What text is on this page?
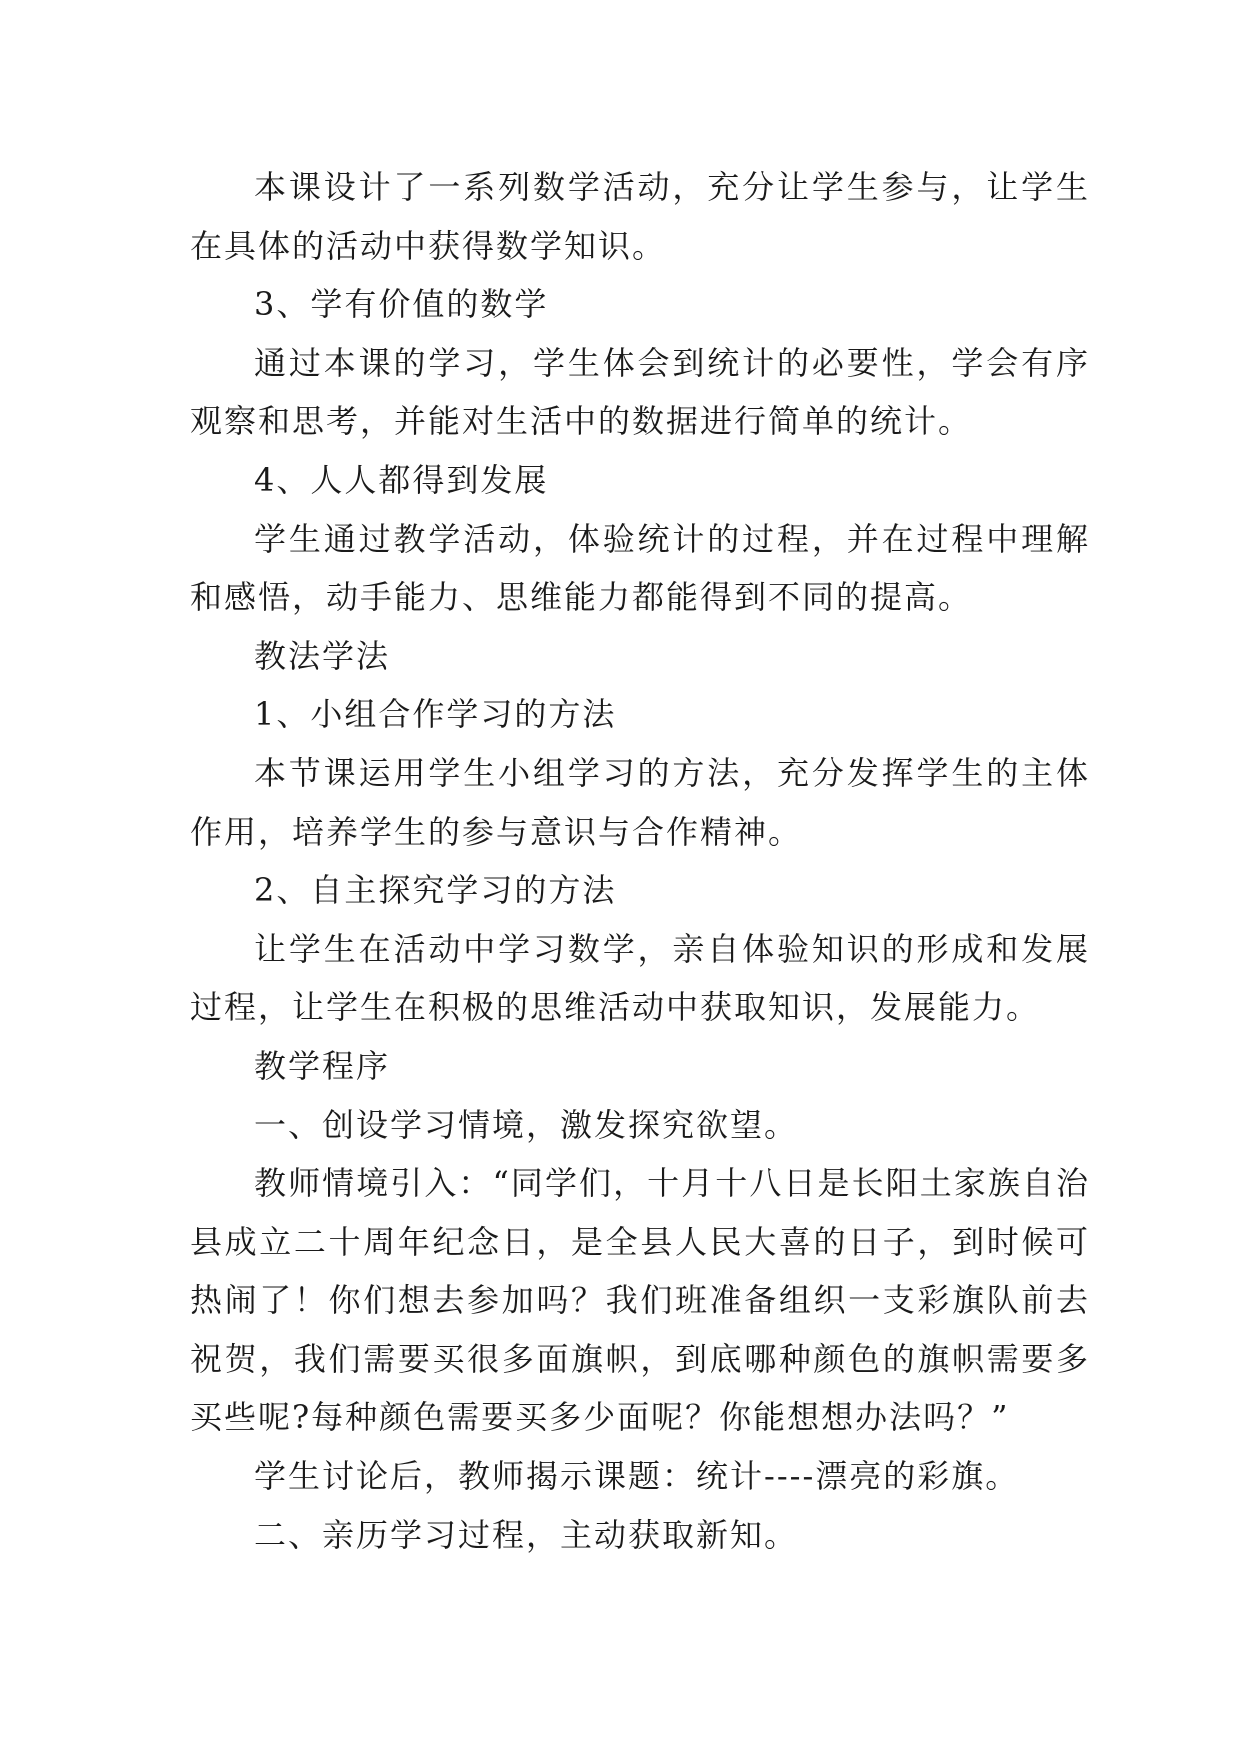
本课设计了一系列数学活动，充分让学生参与，让学生在具体的活动中获得数学知识。

3、学有价值的数学

通过本课的学习，学生体会到统计的必要性，学会有序观察和思考，并能对生活中的数据进行简单的统计。

4、人人都得到发展

学生通过教学活动，体验统计的过程，并在过程中理解和感悟，动手能力、思维能力都能得到不同的提高。

教法学法

1、小组合作学习的方法

本节课运用学生小组学习的方法，充分发挥学生的主体作用，培养学生的参与意识与合作精神。

2、自主探究学习的方法

让学生在活动中学习数学，亲自体验知识的形成和发展过程，让学生在积极的思维活动中获取知识，发展能力。

教学程序

一、创设学习情境，激发探究欲望。

教师情境引入：“同学们，十月十八日是长阳土家族自治县成立二十周年纪念日，是全县人民大喜的日子，到时候可热闹了！你们想去参加吗？我们班准备组织一支彩旗队前去祝贺，我们需要买很多面旗帜，到底哪种颜色的旗帜需要多买些呢?每种颜色需要买多少面呢？你能想想办法吗？”

学生讨论后，教师揭示课题：统计----漂亮的彩旗。

二、亲历学习过程，主动获取新知。
